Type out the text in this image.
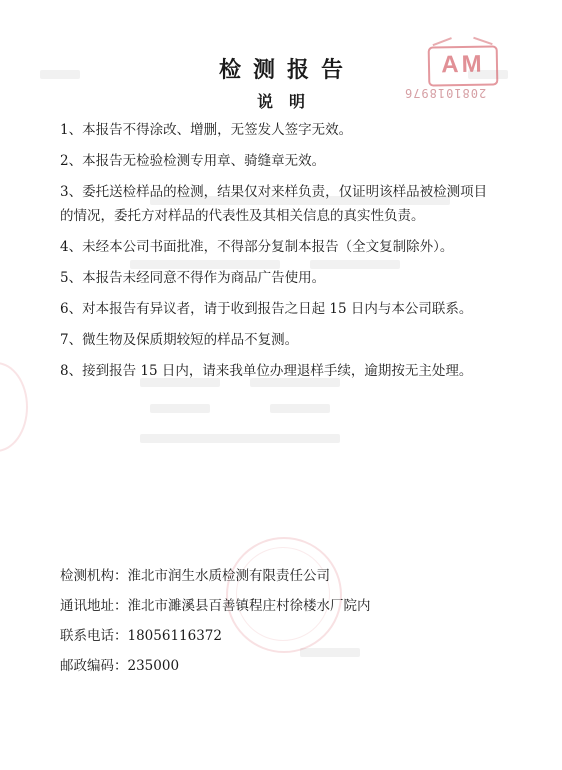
AM
2081018976
检测报告
说明

1、本报告不得涂改、增删，无签发人签字无效。

2、本报告无检验检测专用章、骑缝章无效。

3、委托送检样品的检测，结果仅对来样负责，仅证明该样品被检测项目的情况，委托方对样品的代表性及其相关信息的真实性负责。

4、未经本公司书面批准，不得部分复制本报告（全文复制除外）。

5、本报告未经同意不得作为商品广告使用。

6、对本报告有异议者，请于收到报告之日起 15 日内与本公司联系。

7、微生物及保质期较短的样品不复测。

8、接到报告 15 日内，请来我单位办理退样手续，逾期按无主处理。

检测机构：淮北市润生水质检测有限责任公司
通讯地址：淮北市濉溪县百善镇程庄村徐楼水厂院内
联系电话：18056116372
邮政编码：235000
